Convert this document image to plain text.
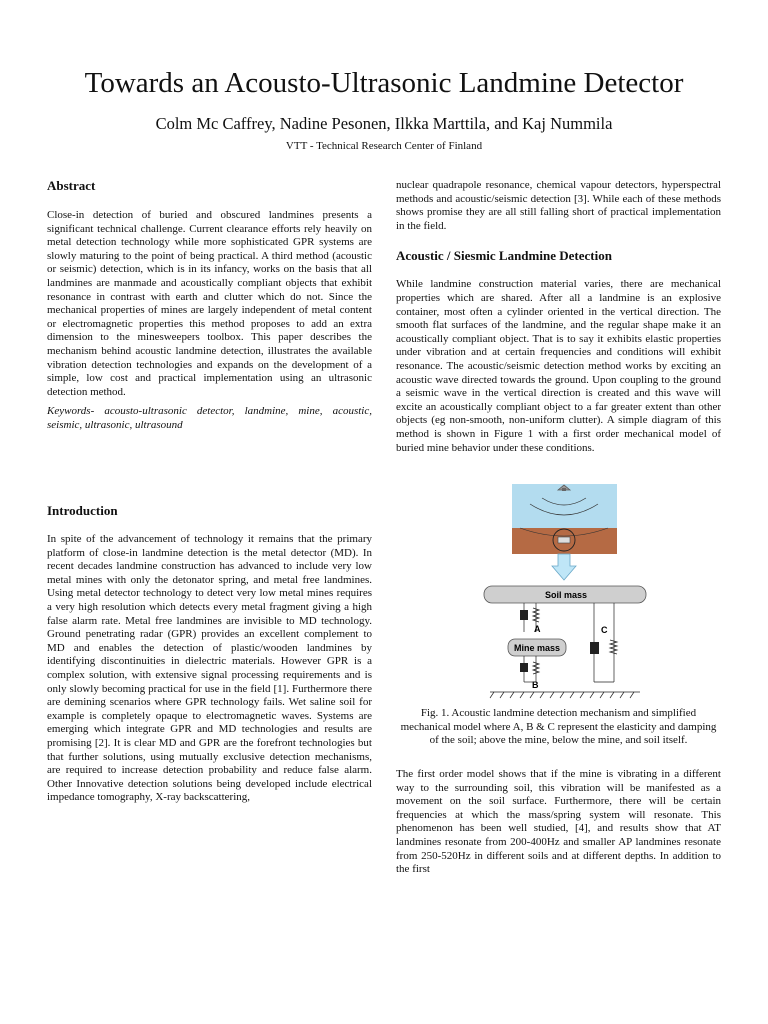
Towards an Acousto-Ultrasonic Landmine Detector
Colm Mc Caffrey, Nadine Pesonen, Ilkka Marttila, and Kaj Nummila
VTT - Technical Research Center of Finland

Abstract

Close-in detection of buried and obscured landmines presents a significant technical challenge. Current clearance efforts rely heavily on metal detection technology while more sophisticated GPR systems are slowly maturing to the point of being practical. A third method (acoustic or seismic) detection, which is in its infancy, works on the basis that all landmines are manmade and acoustically compliant objects that exhibit resonance in contrast with earth and clutter which do not. Since the mechanical properties of mines are largely independent of metal content or electromagnetic properties this method proposes to add an extra dimension to the minesweepers toolbox. This paper describes the mechanism behind acoustic landmine detection, illustrates the available vibration detection technologies and expands on the development of a simple, low cost and practical implementation using an ultrasonic detection method.

Keywords- acousto-ultrasonic detector, landmine, mine, acoustic, seismic, ultrasonic, ultrasound

Introduction

In spite of the advancement of technology it remains that the primary platform of close-in landmine detection is the metal detector (MD). In recent decades landmine construction has advanced to include very low metal mines with only the detonator spring, and metal free landmines. Using metal detector technology to detect very low metal mines requires a very high resolution which detects every metal fragment giving a high false alarm rate. Metal free landmines are invisible to MD technology. Ground penetrating radar (GPR) provides an excellent complement to MD and enables the detection of plastic/wooden landmines by identifying discontinuities in dielectric materials. However GPR is a complex solution, with extensive signal processing requirements and is only slowly becoming practical for use in the field [1]. Furthermore there are demining scenarios where GPR technology fails. Wet saline soil for example is completely opaque to electromagnetic waves. Systems are emerging which integrate GPR and MD technologies and results are promising [2]. It is clear MD and GPR are the forefront technologies but that further solutions, using mutually exclusive detection mechanisms, are required to increase detection probability and reduce false alarm. Other Innovative detection solutions being developed include electrical impedance tomography, X-ray backscattering,

nuclear quadrapole resonance, chemical vapour detectors, hyperspectral methods and acoustic/seismic detection [3]. While each of these methods shows promise they are all still falling short of practical implementation in the field.

Acoustic / Siesmic Landmine Detection

While landmine construction material varies, there are mechanical properties which are shared. After all a landmine is an explosive container, most often a cylinder oriented in the vertical direction. The smooth flat surfaces of the landmine, and the regular shape make it an acoustically compliant object. That is to say it exhibits elastic properties under vibration and at certain frequencies and conditions will exhibit resonance. The acoustic/seismic detection method works by exciting an acoustic wave directed towards the ground. Upon coupling to the ground a seismic wave in the vertical direction is created and this wave will excite an acoustically compliant object to a far greater extent than other objects (eg non-smooth, non-uniform clutter). A simple diagram of this method is shown in Figure 1 with a first order mechanical model of buried mine behavior under these conditions.

Soil mass
A
Mine mass
B
C
Fig. 1. Acoustic landmine detection mechanism and simplified mechanical model where A, B & C represent the elasticity and damping of the soil; above the mine, below the mine, and soil itself.

The first order model shows that if the mine is vibrating in a different way to the surrounding soil, this vibration will be manifested as a movement on the soil surface. Furthermore, there will be certain frequencies at which the mass/spring system will resonate. This phenomenon has been well studied, [4], and results show that AT landmines resonate from 200-400Hz and smaller AP landmines resonate from 250-520Hz in different soils and at different depths. In addition to the first
